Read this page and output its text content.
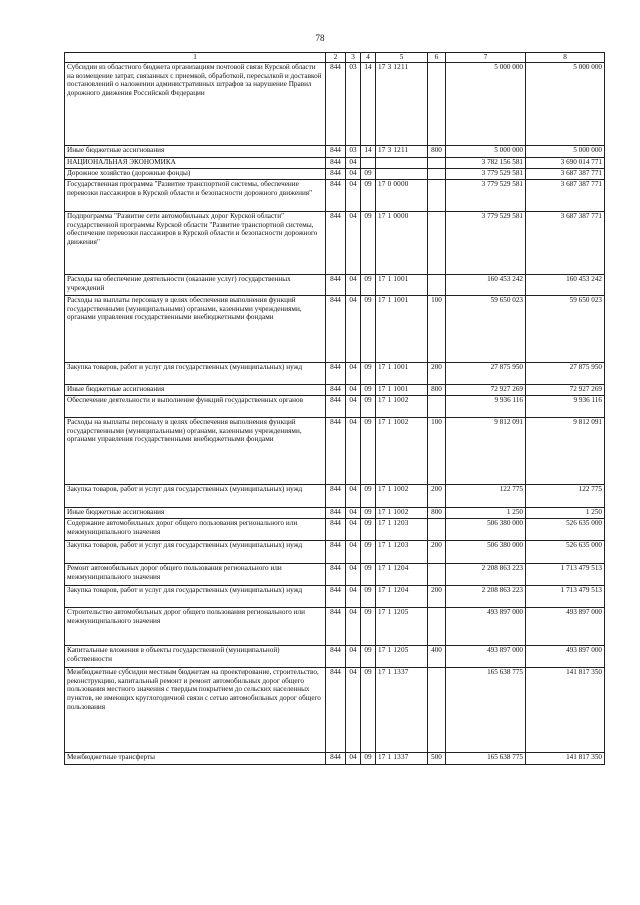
78
1	2	3	4	5	6	7	8
Субсидии из областного бюджета организациям почтовой связи Курской области на возмещение затрат, связанных с приемкой, обработкой, пересылкой и доставкой постановлений о наложении административных штрафов за нарушение Правил дорожного движения Российской Федерации	844	03	14	17 3 1211		5 000 000	5 000 000
Иные бюджетные ассигнования	844	03	14	17 3 1211	800	5 000 000	5 000 000
НАЦИОНАЛЬНАЯ ЭКОНОМИКА	844	04				3 782 156 581	3 690 014 771
Дорожное хозяйство (дорожные фонды)	844	04	09			3 779 529 581	3 687 387 771
Государственная программа "Развитие транспортной системы, обеспечение перевозки пассажиров в Курской области и безопасности дорожного движения"	844	04	09	17 0 0000		3 779 529 581	3 687 387 771
Подпрограмма "Развитие сети автомобильных дорог Курской области" государственной программы Курской области "Развитие транспортной системы, обеспечение перевозки пассажиров в Курской области и безопасности дорожного движения"	844	04	09	17 1 0000		3 779 529 581	3 687 387 771
Расходы на обеспечение деятельности (оказание услуг) государственных учреждений	844	04	09	17 1 1001		160 453 242	160 453 242
Расходы на выплаты персоналу в целях обеспечения выполнения функций государственными (муниципальными) органами, казенными учреждениями, органами управления государственными внебюджетными фондами	844	04	09	17 1 1001	100	59 650 023	59 650 023
Закупка товаров, работ и услуг для государственных (муниципальных) нужд	844	04	09	17 1 1001	200	27 875 950	27 875 950
Иные бюджетные ассигнования	844	04	09	17 1 1001	800	72 927 269	72 927 269
Обеспечение деятельности и выполнение функций государственных органов	844	04	09	17 1 1002		9 936 116	9 936 116
Расходы на выплаты персоналу в целях обеспечения выполнения функций государственными (муниципальными) органами, казенными учреждениями, органами управления государственными внебюджетными фондами	844	04	09	17 1 1002	100	9 812 091	9 812 091
Закупка товаров, работ и услуг для государственных (муниципальных) нужд	844	04	09	17 1 1002	200	122 775	122 775
Иные бюджетные ассигнования	844	04	09	17 1 1002	800	1 250	1 250
Содержание автомобильных дорог общего пользования регионального или межмуниципального значения	844	04	09	17 1 1203		506 380 000	526 635 000
Закупка товаров, работ и услуг для государственных (муниципальных) нужд	844	04	09	17 1 1203	200	506 380 000	526 635 000
Ремонт автомобильных дорог общего пользования регионального или межмуниципального значения	844	04	09	17 1 1204		2 208 863 223	1 713 479 513
Закупка товаров, работ и услуг для государственных (муниципальных) нужд	844	04	09	17 1 1204	200	2 208 863 223	1 713 479 513
Строительство автомобильных дорог общего пользования регионального или межмуниципального значения	844	04	09	17 1 1205		493 897 000	493 897 000
Капитальные вложения в объекты государственной (муниципальной) собственности	844	04	09	17 1 1205	400	493 897 000	493 897 000
Межбюджетные субсидии местным бюджетам на проектирование, строительство, реконструкцию, капитальный ремонт и ремонт автомобильных дорог общего пользования местного значения с твердым покрытием до сельских населенных пунктов, не имеющих круглогодичной связи с сетью автомобильных дорог общего пользования	844	04	09	17 1 1337		165 638 775	141 817 350
Межбюджетные трансферты	844	04	09	17 1 1337	500	165 638 775	141 817 350
